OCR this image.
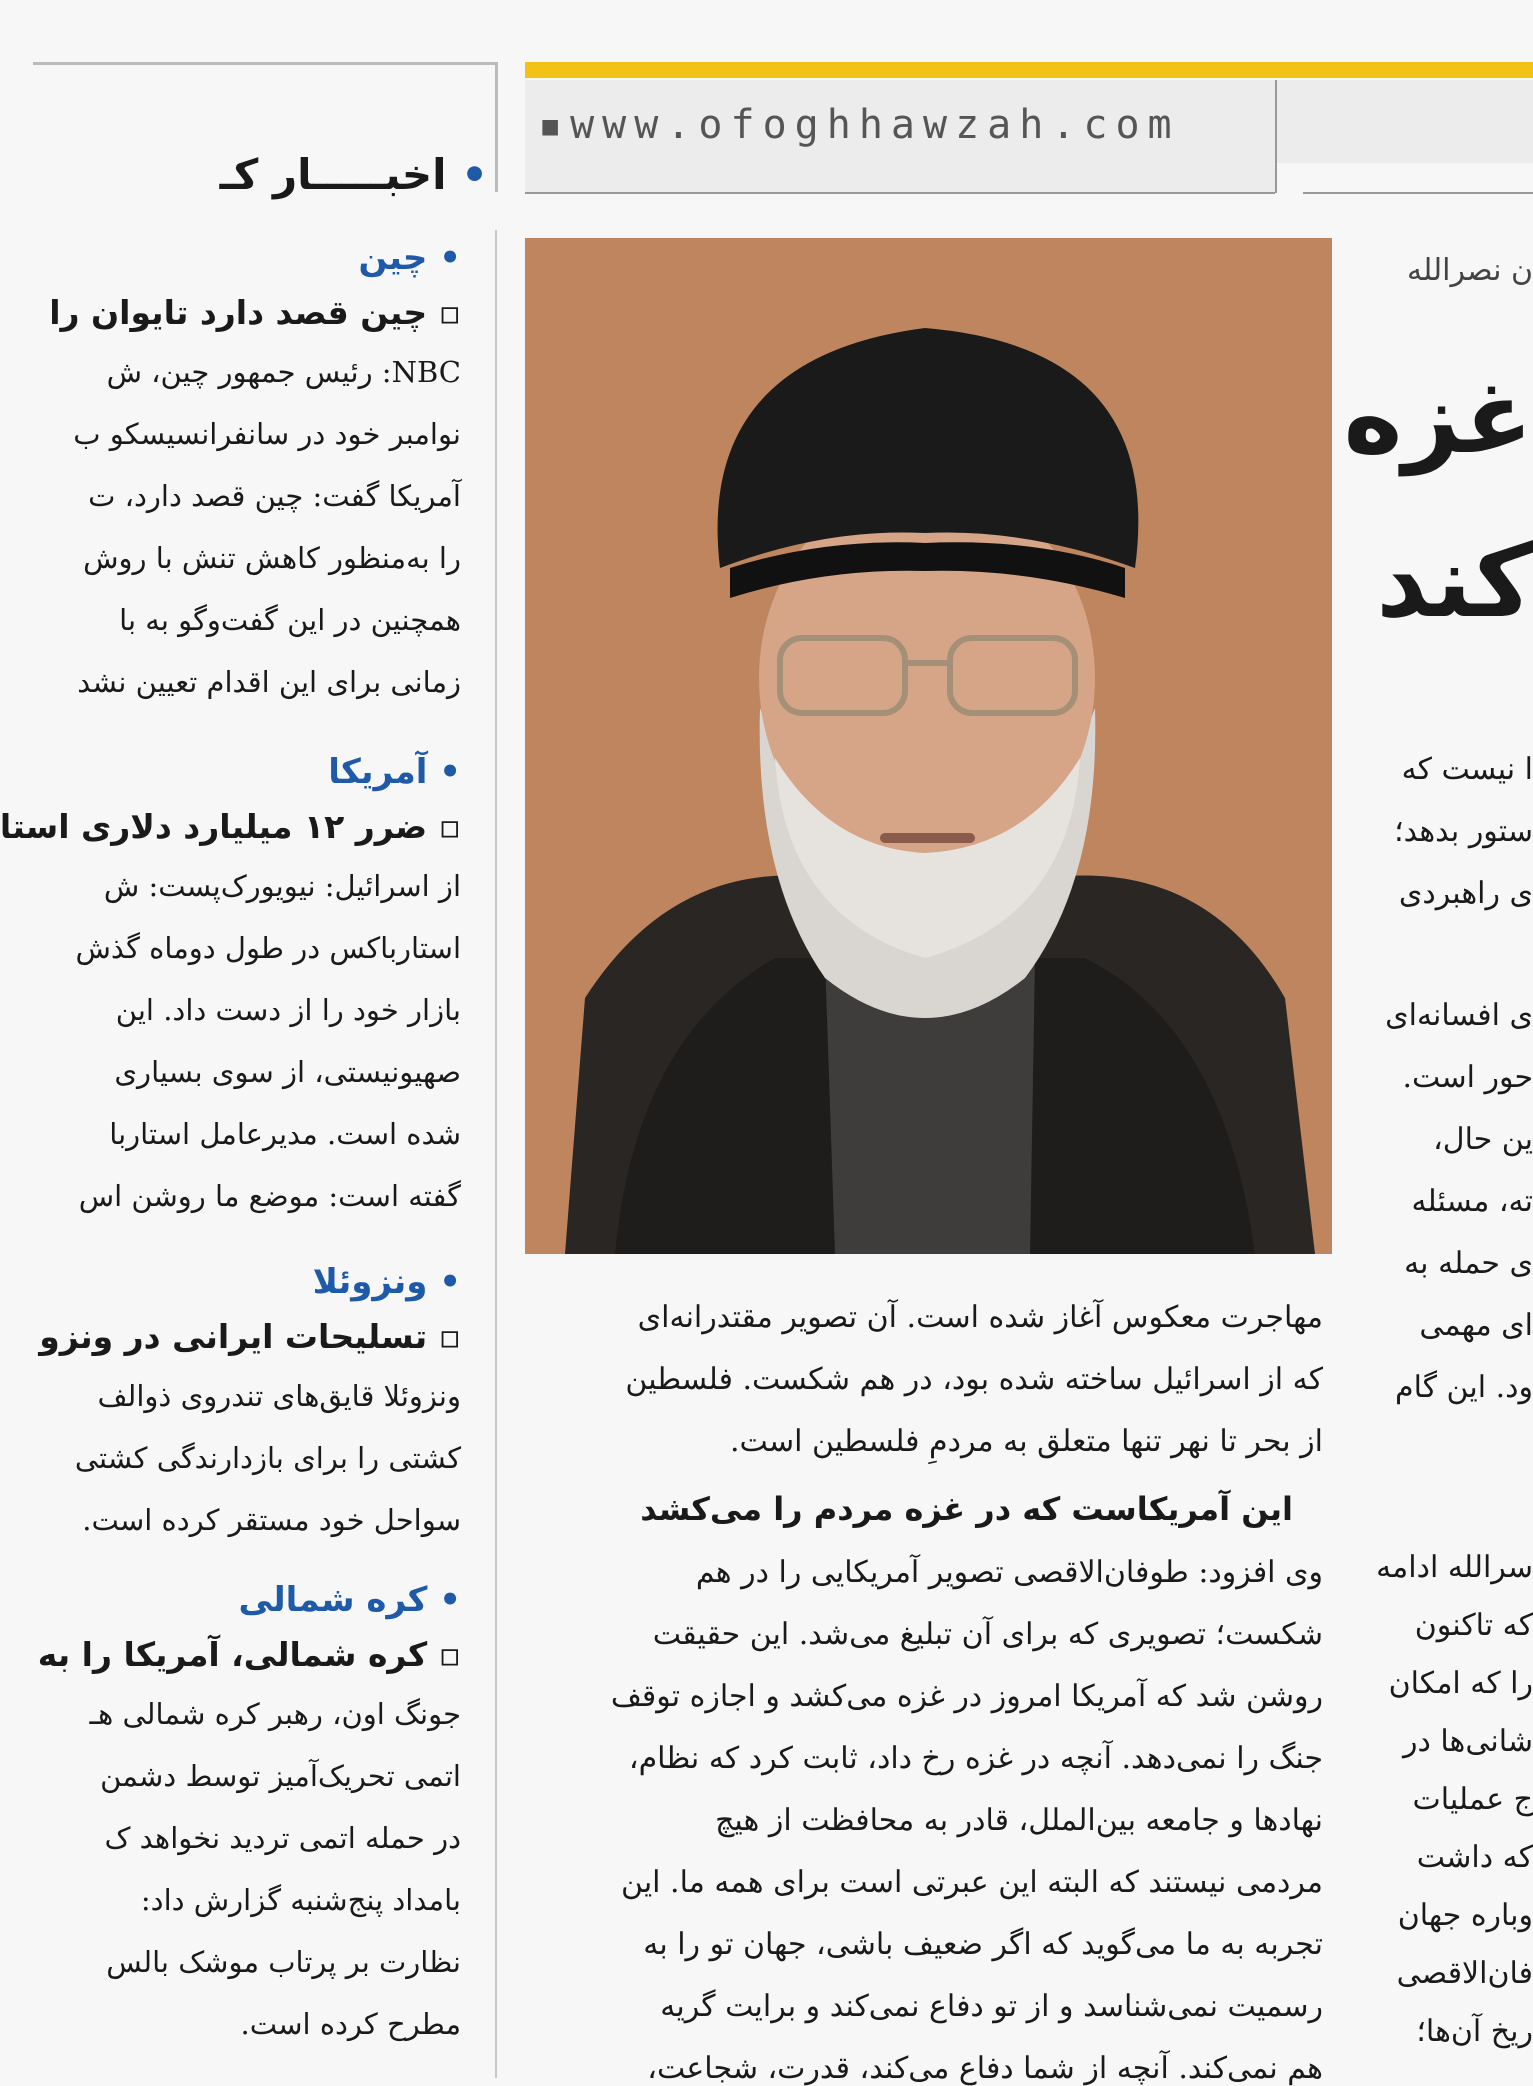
• اخبـــــار کـ
▪www.ofoghhawzah.com
• چین
▫ چین قصد دارد تایوان را
NBC: رئیس جمهور چین، ش
نوامبر خود در سانفرانسیسکو ب
آمریکا گفت: چین قصد دارد، ت
را به‌منظور کاهش تنش با روش
همچنین در این گفت‌وگو به با
زمانی برای این اقدام تعیین نشد
• آمریکا
▫ ضرر ۱۲ میلیارد دلاری استا
از اسرائیل: نیویورک‌پست: ش
استارباکس در طول دوماه گذش
بازار خود را از دست داد. این
صهیونیستی، از سوی بسیاری
شده است. مدیرعامل استاربا
گفته است: موضع ما روشن اس
• ونزوئلا
▫ تسلیحات ایرانی در ونزو
ونزوئلا قایق‌های تندروی ذوالف
کشتی را برای بازدارندگی کشتی
سواحل خود مستقر کرده است.
• کره شمالی
▫ کره شمالی، آمریکا را به
جونگ اون، رهبر کره شمالی هـ
اتمی تحریک‌آمیز توسط دشمن
در حمله اتمی تردید نخواهد ک
بامداد پنج‌شنبه گزارش داد:
نظارت بر پرتاب موشک بالس
مطرح کرده است.
مهاجرت معکوس آغاز شده است. آن تصویر مقتدرانه‌ای
که از اسرائیل ساخته شده بود، در هم شکست. فلسطین
از بحر تا نهر تنها متعلق به مردمِ فلسطین است.
این آمریکاست که در غزه مردم را می‌کشد
وی افزود: طوفان‌الاقصی تصویر آمریکایی را در هم
شکست؛ تصویری که برای آن تبلیغ می‌شد. این حقیقت
روشن شد که آمریکا امروز در غزه می‌کشد و اجازه توقف
جنگ را نمی‌دهد. آنچه در غزه رخ داد، ثابت کرد که نظام،
نهادها و جامعه بین‌الملل، قادر به محافظت از هیچ
مردمی نیستند که البته این عبرتی است برای همه ما. این
تجربه به ما می‌گوید که اگر ضعیف باشی، جهان تو را به
رسمیت نمی‌شناسد و از تو دفاع نمی‌کند و برایت گریه
هم نمی‌کند. آنچه از شما دفاع می‌کند، قدرت، شجاعت،
ن نصرالله
غزه
کند
ا نیست که
ستور بدهد؛
ی راهبردی
ی افسانه‌ای
حور است.
ین حال،
ته، مسئله
ی حمله به
ای مهمی
ود. این گام
سرالله ادامه
که تاکنون
را که امکان
شانی‌ها در
ج عملیات
که داشت
وباره جهان
فان‌الاقصی
ریخ آن‌ها؛
